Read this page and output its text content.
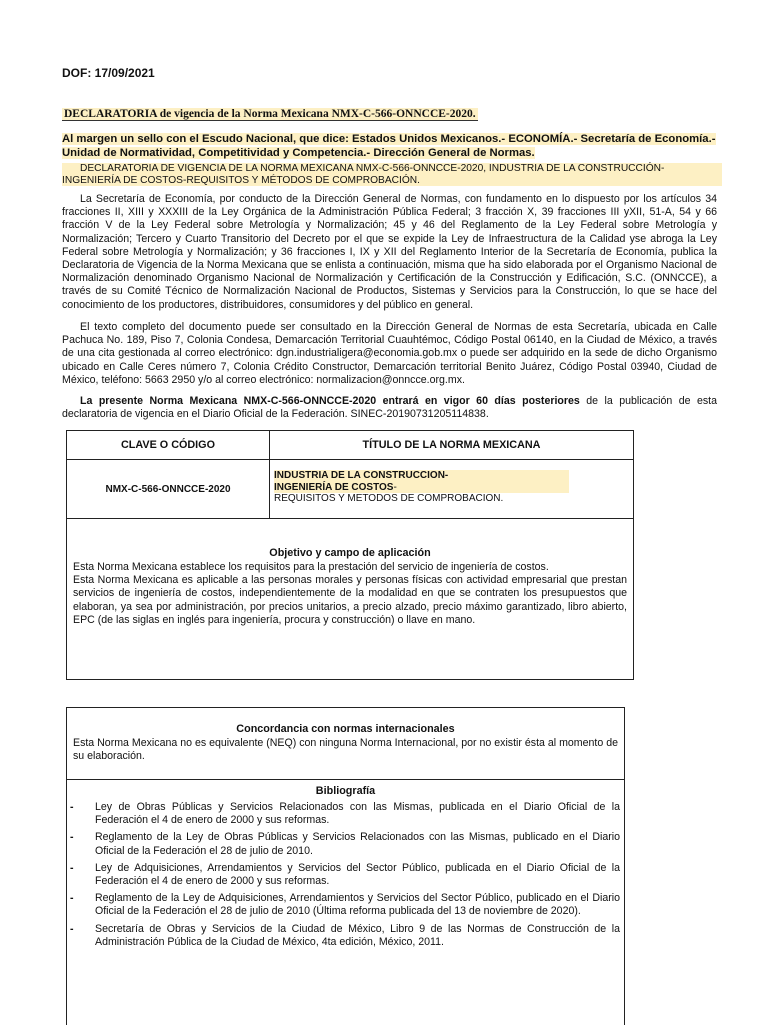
DOF: 17/09/2021
DECLARATORIA de vigencia de la Norma Mexicana NMX-C-566-ONNCCE-2020.
Al margen un sello con el Escudo Nacional, que dice: Estados Unidos Mexicanos.- ECONOMÍA.- Secretaría de Economía.- Unidad de Normatividad, Competitividad y Competencia.- Dirección General de Normas.
DECLARATORIA DE VIGENCIA DE LA NORMA MEXICANA NMX-C-566-ONNCCE-2020, INDUSTRIA DE LA CONSTRUCCIÓN-INGENIERÍA DE COSTOS-REQUISITOS Y MÉTODOS DE COMPROBACIÓN.

La Secretaría de Economía, por conducto de la Dirección General de Normas, con fundamento en lo dispuesto por los artículos 34 fracciones II, XIII y XXXIII de la Ley Orgánica de la Administración Pública Federal; 3 fracción X, 39 fracciones III yXII, 51-A, 54 y 66 fracción V de la Ley Federal sobre Metrología y Normalización; 45 y 46 del Reglamento de la Ley Federal sobre Metrología y Normalización; Tercero y Cuarto Transitorio del Decreto por el que se expide la Ley de Infraestructura de la Calidad yse abroga la Ley Federal sobre Metrología y Normalización; y 36 fracciones I, IX y XII del Reglamento Interior de la Secretaría de Economía, publica la Declaratoria de Vigencia de la Norma Mexicana que se enlista a continuación, misma que ha sido elaborada por el Organismo Nacional de Normalización denominado Organismo Nacional de Normalización y Certificación de la Construcción y Edificación, S.C. (ONNCCE), a través de su Comité Técnico de Normalización Nacional de Productos, Sistemas y Servicios para la Construcción, lo que se hace del conocimiento de los productores, distribuidores, consumidores y del público en general.

El texto completo del documento puede ser consultado en la Dirección General de Normas de esta Secretaría, ubicada en Calle Pachuca No. 189, Piso 7, Colonia Condesa, Demarcación Territorial Cuauhtémoc, Código Postal 06140, en la Ciudad de México, a través de una cita gestionada al correo electrónico: dgn.industrialigera@economia.gob.mx o puede ser adquirido en la sede de dicho Organismo ubicado en Calle Ceres número 7, Colonia Crédito Constructor, Demarcación territorial Benito Juárez, Código Postal 03940, Ciudad de México, teléfono: 5663 2950 y/o al correo electrónico: normalizacion@onncce.org.mx.

La presente Norma Mexicana NMX-C-566-ONNCCE-2020 entrará en vigor 60 días posteriores de la publicación de esta declaratoria de vigencia en el Diario Oficial de la Federación. SINEC-20190731205114838.

CLAVE O CÓDIGO	TÍTULO DE LA NORMA MEXICANA
NMX-C-566-ONNCCE-2020	INDUSTRIA DE LA CONSTRUCCION-
INGENIERÍA DE COSTOS-
REQUISITOS Y METODOS DE COMPROBACION.

Objetivo y campo de aplicación

Esta Norma Mexicana establece los requisitos para la prestación del servicio de ingeniería de costos.

Esta Norma Mexicana es aplicable a las personas morales y personas físicas con actividad empresarial que prestan servicios de ingeniería de costos, independientemente de la modalidad en que se contraten los presupuestos que elaboran, ya sea por administración, por precios unitarios, a precio alzado, precio máximo garantizado, libro abierto, EPC (de las siglas en inglés para ingeniería, procura y construcción) o llave en mano.	

Concordancia con normas internacionales

Esta Norma Mexicana no es equivalente (NEQ) con ninguna Norma Internacional, por no existir ésta al momento de su elaboración.

Bibliografía
- Ley de Obras Públicas y Servicios Relacionados con las Mismas, publicada en el Diario Oficial de la Federación el 4 de enero de 2000 y sus reformas.
- Reglamento de la Ley de Obras Públicas y Servicios Relacionados con las Mismas, publicado en el Diario Oficial de la Federación el 28 de julio de 2010.
- Ley de Adquisiciones, Arrendamientos y Servicios del Sector Público, publicada en el Diario Oficial de la Federación el 4 de enero de 2000 y sus reformas.
- Reglamento de la Ley de Adquisiciones, Arrendamientos y Servicios del Sector Público, publicado en el Diario Oficial de la Federación el 28 de julio de 2010 (Última reforma publicada del 13 de noviembre de 2020).
- Secretaría de Obras y Servicios de la Ciudad de México, Libro 9 de las Normas de Construcción de la Administración Pública de la Ciudad de México, 4ta edición, México, 2011.
